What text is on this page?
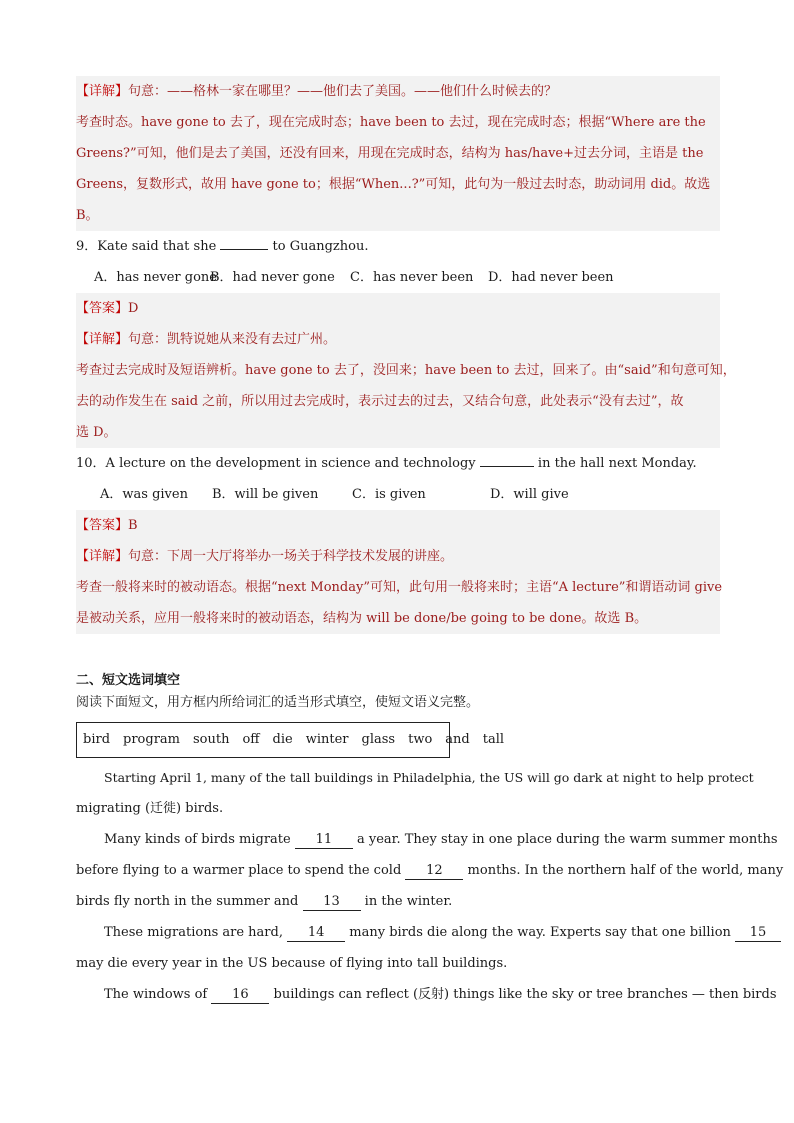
【详解】句意：——格林一家在哪里？——他们去了美国。——他们什么时候去的？
考查时态。have gone to 去了，现在完成时态；have been to 去过，现在完成时态；根据“Where are the
Greens?”可知，他们是去了美国，还没有回来，用现在完成时态，结构为 has/have+过去分词，主语是 the
Greens，复数形式，故用 have gone to；根据“When...?”可知，此句为一般过去时态，助动词用 did。故选
B。
9．Kate said that she	to Guangzhou.
A．has never goneB．had never gone C．has never been D．had never been
【答案】D
【详解】句意：凯特说她从来没有去过广州。
考查过去完成时及短语辨析。have gone to 去了，没回来；have been to 去过，回来了。由“said”和句意可知，
去的动作发生在 said 之前，所以用过去完成时，表示过去的过去，又结合句意，此处表示“没有去过”，故
选 D。
10．A lecture on the development in science and technology	in the hall next Monday.
A．was given B．will be given	C．is given	D．will give
【答案】B
【详解】句意：下周一大厅将举办一场关于科学技术发展的讲座。
考查一般将来时的被动语态。根据“next Monday”可知，此句用一般将来时；主语“A lecture”和谓语动词 give
是被动关系，应用一般将来时的被动语态，结构为 will be done/be going to be done。故选 B。
二、短文选词填空
阅读下面短文，用方框内所给词汇的适当形式填空，使短文语义完整。
bird program south off die winter glass two and tall
Starting April 1, many of the tall buildings in Philadelphia, the US will go dark at night to help protect
migrating (迁徙) birds.
Many kinds of birds migrate 11 a year. They stay in one place during the warm summer months
before flying to a warmer place to spend the cold 12 months. In the northern half of the world, many
birds fly north in the summer and 13 in the winter.
These migrations are hard, 14 many birds die along the way. Experts say that one billion 15
may die every year in the US because of flying into tall buildings.
The windows of 16 buildings can reflect (反射) things like the sky or tree branches — then birds
